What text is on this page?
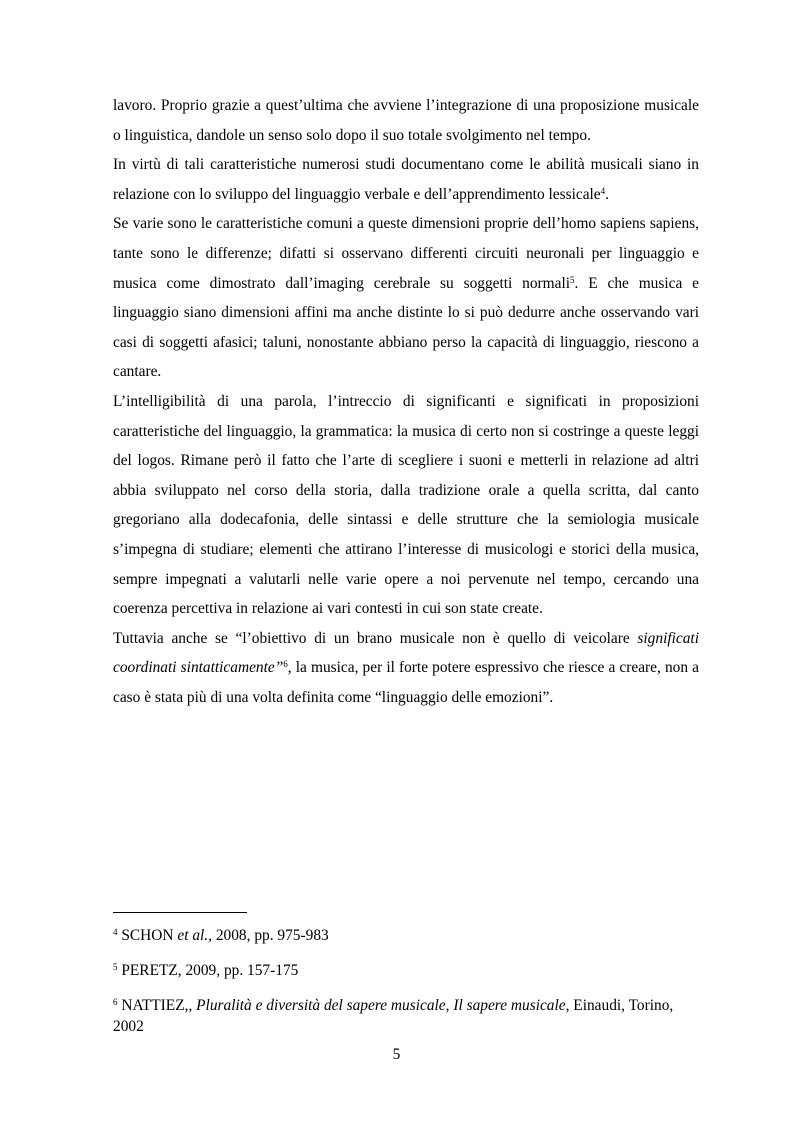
lavoro. Proprio grazie a quest’ultima che avviene l’integrazione di una proposizione musicale o linguistica, dandole un senso solo dopo il suo totale svolgimento nel tempo.

In virtù di tali caratteristiche numerosi studi documentano come le abilità musicali siano in relazione con lo sviluppo del linguaggio verbale e dell’apprendimento lessicale$^4$.

Se varie sono le caratteristiche comuni a queste dimensioni proprie dell’homo sapiens sapiens, tante sono le differenze; difatti si osservano differenti circuiti neuronali per linguaggio e musica come dimostrato dall’imaging cerebrale su soggetti normali$^5$. E che musica e linguaggio siano dimensioni affini ma anche distinte lo si può dedurre anche osservando vari casi di soggetti afasici; taluni, nonostante abbiano perso la capacità di linguaggio, riescono a cantare.

L’intelligibilità di una parola, l’intreccio di significanti e significati in proposizioni caratteristiche del linguaggio, la grammatica: la musica di certo non si costringe a queste leggi del logos. Rimane però il fatto che l’arte di scegliere i suoni e metterli in relazione ad altri abbia sviluppato nel corso della storia, dalla tradizione orale a quella scritta, dal canto gregoriano alla dodecafonia, delle sintassi e delle strutture che la semiologia musicale s’impegna di studiare; elementi che attirano l’interesse di musicologi e storici della musica, sempre impegnati a valutarli nelle varie opere a noi pervenute nel tempo, cercando una coerenza percettiva in relazione ai vari contesti in cui son state create.

Tuttavia anche se “l’obiettivo di un brano musicale non è quello di veicolare significati coordinati sintatticamente”$^6$, la musica, per il forte potere espressivo che riesce a creare, non a caso è stata più di una volta definita come “linguaggio delle emozioni”.

$^4$ SCHON et al., 2008, pp. 975-983

$^5$ PERETZ, 2009, pp. 157-175

$^6$ NATTIEZ,, Pluralità e diversità del sapere musicale, Il sapere musicale, Einaudi, Torino, 2002

5
